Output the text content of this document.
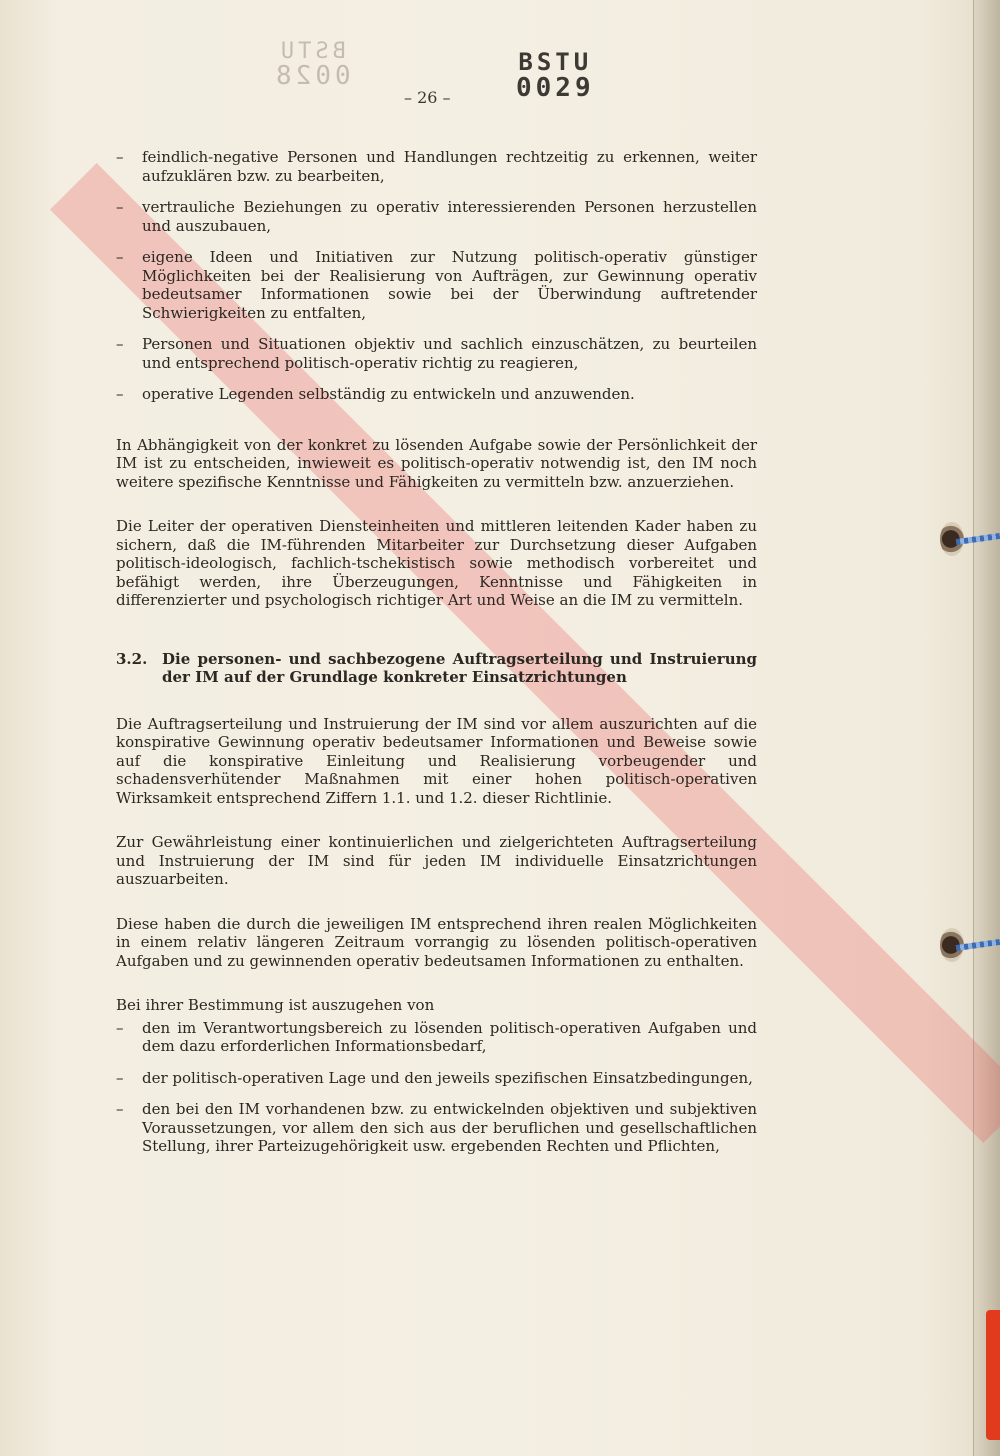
BSTU
0028	BSTU
0029
– 26 –
– feindlich-negative Personen und Handlungen rechtzeitig zu erkennen, weiter aufzuklären bzw. zu bearbeiten,
– vertrauliche Beziehungen zu operativ interessierenden Personen herzustellen und auszubauen,
– eigene Ideen und Initiativen zur Nutzung politisch-operativ günstiger Möglichkeiten bei der Realisierung von Aufträgen, zur Gewinnung operativ bedeutsamer Informationen sowie bei der Überwindung auftretender Schwierigkeiten zu entfalten,
– Personen und Situationen objektiv und sachlich einzuschätzen, zu beurteilen und entsprechend politisch-operativ richtig zu reagieren,
– operative Legenden selbständig zu entwickeln und anzuwenden.

In Abhängigkeit von der konkret zu lösenden Aufgabe sowie der Persönlichkeit der IM ist zu entscheiden, inwieweit es politisch-operativ notwendig ist, den IM noch weitere spezifische Kenntnisse und Fähigkeiten zu vermitteln bzw. anzuerziehen.

Die Leiter der operativen Diensteinheiten und mittleren leitenden Kader haben zu sichern, daß die IM-führenden Mitarbeiter zur Durchsetzung dieser Aufgaben politisch-ideologisch, fachlich-tschekistisch sowie methodisch vorbereitet und befähigt werden, ihre Überzeugungen, Kenntnisse und Fähigkeiten in differenzierter und psychologisch richtiger Art und Weise an die IM zu vermitteln.

3.2. Die personen- und sachbezogene Auftragserteilung und Instruierung der IM auf der Grundlage konkreter Einsatzrichtungen

Die Auftragserteilung und Instruierung der IM sind vor allem auszurichten auf die konspirative Gewinnung operativ bedeutsamer Informationen und Beweise sowie auf die konspirative Einleitung und Realisierung vorbeugender und schadensverhütender Maßnahmen mit einer hohen politisch-operativen Wirksamkeit entsprechend Ziffern 1.1. und 1.2. dieser Richtlinie.

Zur Gewährleistung einer kontinuierlichen und zielgerichteten Auftragserteilung und Instruierung der IM sind für jeden IM individuelle Einsatzrichtungen auszuarbeiten.

Diese haben die durch die jeweiligen IM entsprechend ihren realen Möglichkeiten in einem relativ längeren Zeitraum vorrangig zu lösenden politisch-operativen Aufgaben und zu gewinnenden operativ bedeutsamen Informationen zu enthalten.

Bei ihrer Bestimmung ist auszugehen von

– den im Verantwortungsbereich zu lösenden politisch-operativen Aufgaben und dem dazu erforderlichen Informationsbedarf,
– der politisch-operativen Lage und den jeweils spezifischen Einsatzbedingungen,
– den bei den IM vorhandenen bzw. zu entwickelnden objektiven und subjektiven Voraussetzungen, vor allem den sich aus der beruflichen und gesellschaftlichen Stellung, ihrer Parteizugehörigkeit usw. ergebenden Rechten und Pflichten,
